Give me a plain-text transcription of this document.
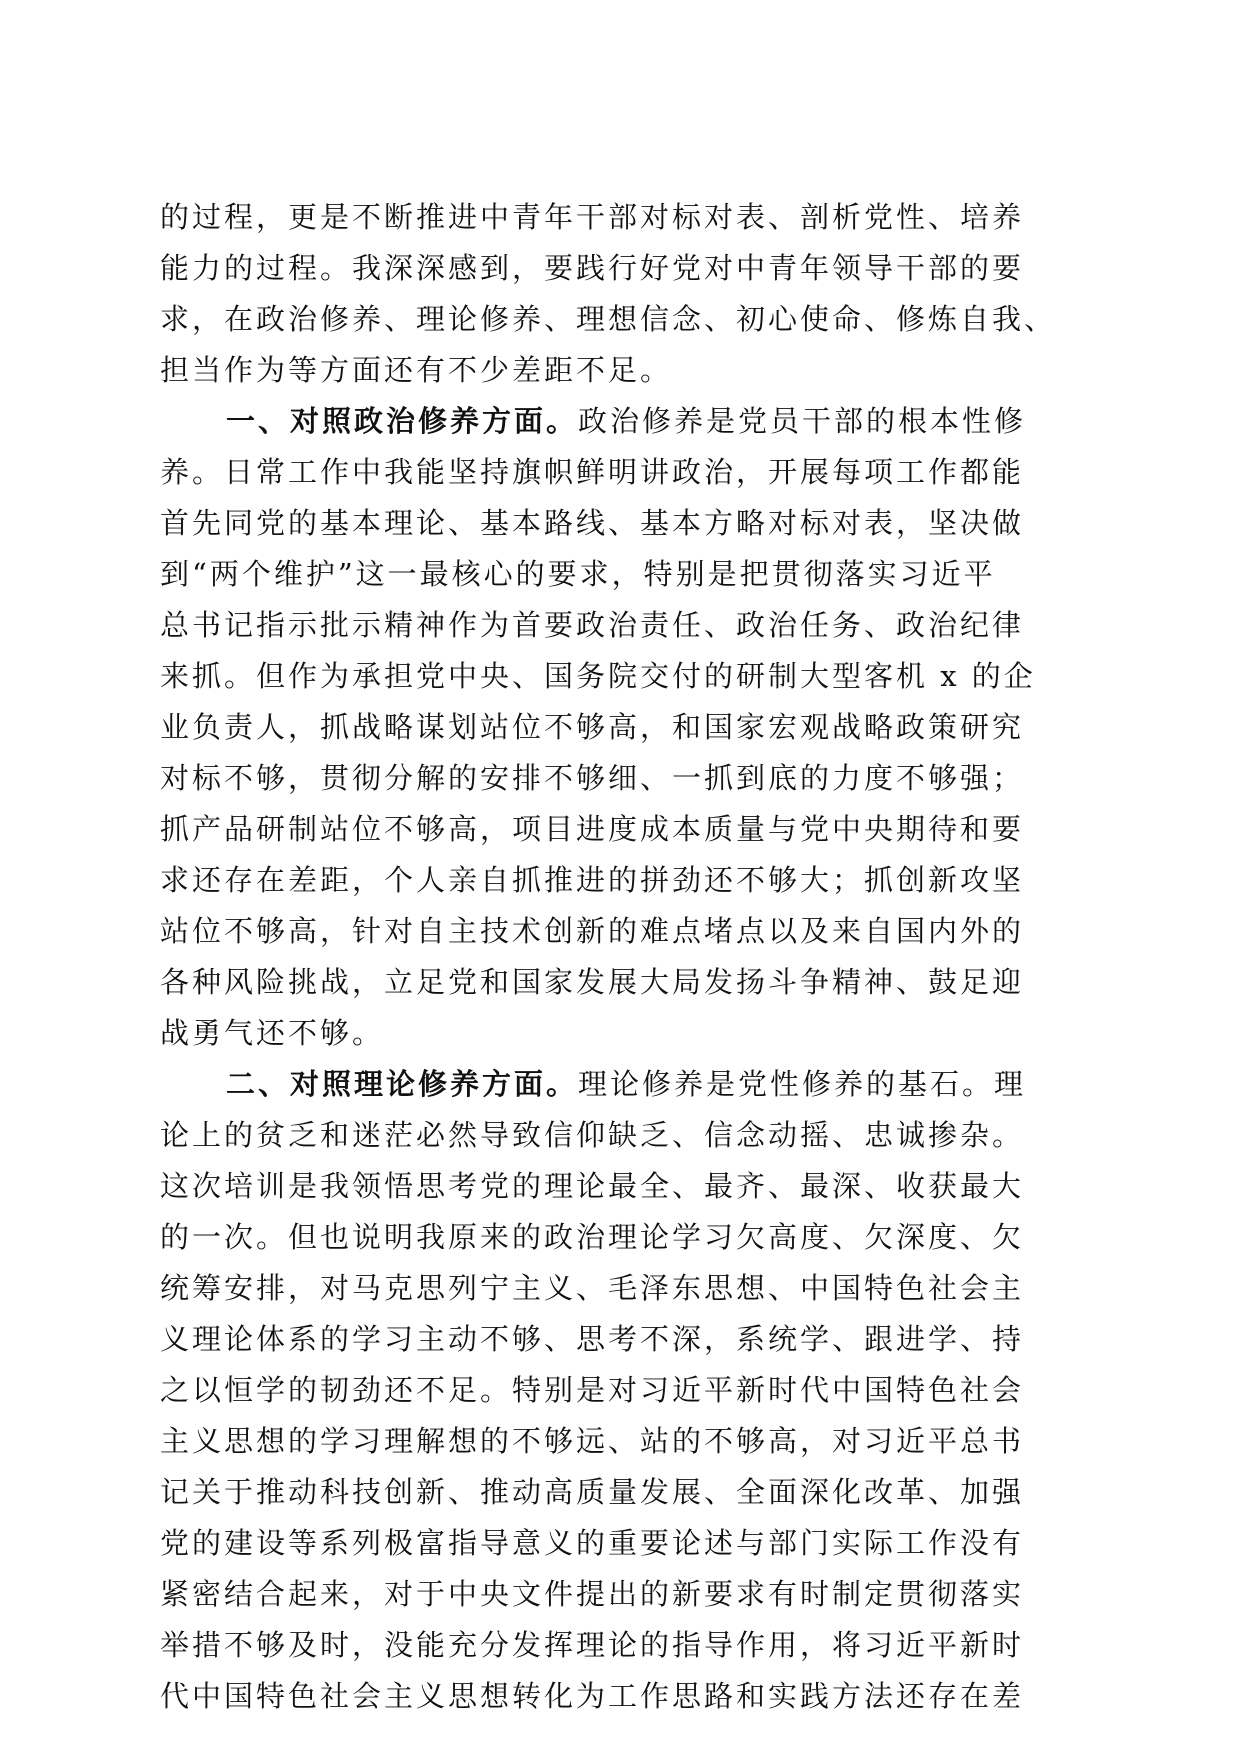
的过程，更是不断推进中青年干部对标对表、剖析党性、培养
能力的过程。我深深感到，要践行好党对中青年领导干部的要
求，在政治修养、理论修养、理想信念、初心使命、修炼自我、
担当作为等方面还有不少差距不足。
一、对照政治修养方面。政治修养是党员干部的根本性修
养。日常工作中我能坚持旗帜鲜明讲政治，开展每项工作都能
首先同党的基本理论、基本路线、基本方略对标对表，坚决做
到“两个维护”这一最核心的要求，特别是把贯彻落实习近平
总书记指示批示精神作为首要政治责任、政治任务、政治纪律
来抓。但作为承担党中央、国务院交付的研制大型客机 x 的企
业负责人，抓战略谋划站位不够高，和国家宏观战略政策研究
对标不够，贯彻分解的安排不够细、一抓到底的力度不够强；
抓产品研制站位不够高，项目进度成本质量与党中央期待和要
求还存在差距，个人亲自抓推进的拼劲还不够大；抓创新攻坚
站位不够高，针对自主技术创新的难点堵点以及来自国内外的
各种风险挑战，立足党和国家发展大局发扬斗争精神、鼓足迎
战勇气还不够。
二、对照理论修养方面。理论修养是党性修养的基石。理
论上的贫乏和迷茫必然导致信仰缺乏、信念动摇、忠诚掺杂。
这次培训是我领悟思考党的理论最全、最齐、最深、收获最大
的一次。但也说明我原来的政治理论学习欠高度、欠深度、欠
统筹安排，对马克思列宁主义、毛泽东思想、中国特色社会主
义理论体系的学习主动不够、思考不深，系统学、跟进学、持
之以恒学的韧劲还不足。特别是对习近平新时代中国特色社会
主义思想的学习理解想的不够远、站的不够高，对习近平总书
记关于推动科技创新、推动高质量发展、全面深化改革、加强
党的建设等系列极富指导意义的重要论述与部门实际工作没有
紧密结合起来，对于中央文件提出的新要求有时制定贯彻落实
举措不够及时，没能充分发挥理论的指导作用，将习近平新时
代中国特色社会主义思想转化为工作思路和实践方法还存在差
